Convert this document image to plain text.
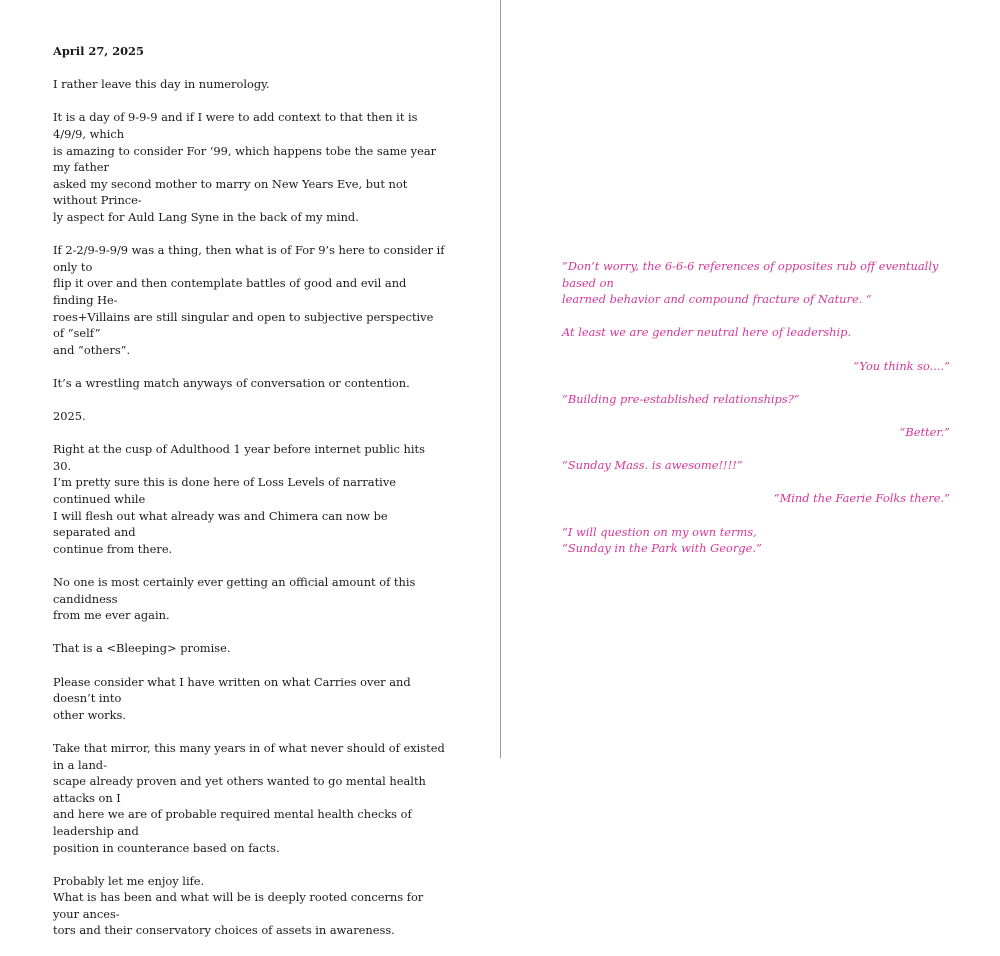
April 27, 2025

I rather leave this day in numerology.

It is a day of 9-9-9 and if I were to add context to that then it is 4/9/9, which
is amazing to consider For ‘99, which happens tobe the same year my father
asked my second mother to marry on New Years Eve, but not without Prince-
ly aspect for Auld Lang Syne in the back of my mind.

If 2-2/9-9-9/9 was a thing, then what is of For 9’s here to consider if only to
flip it over and then contemplate battles of good and evil and finding He-
roes+Villains are still singular and open to subjective perspective of “self”
and “others”.

It’s a wrestling match anyways of conversation or contention.

2025.

Right at the cusp of Adulthood 1 year before internet public hits 30.
I’m pretty sure this is done here of Loss Levels of narrative continued while
I will flesh out what already was and Chimera can now be separated and
continue from there.

No one is most certainly ever getting an official amount of this candidness
from me ever again.

That is a <Bleeping> promise.

Please consider what I have written on what Carries over and doesn’t into
other works.

Take that mirror, this many years in of what never should of existed in a land-
scape already proven and yet others wanted to go mental health attacks on I
and here we are of probable required mental health checks of leadership and
position in counterance based on facts.

Probably let me enjoy life.
What is has been and what will be is deeply rooted concerns for your ances-
tors and their conservatory choices of assets in awareness.

“Don’t worry, the 6-6-6 references of opposites rub off eventually based on
learned behavior and compound fracture of Nature. “

At least we are gender neutral here of leadership.

“You think so....”

“Building pre-established relationships?”

“Better.”

“Sunday Mass. is awesome!!!!”

“Mind the Faerie Folks there.”

“I will question on my own terms,
“Sunday in the Park with George.”
